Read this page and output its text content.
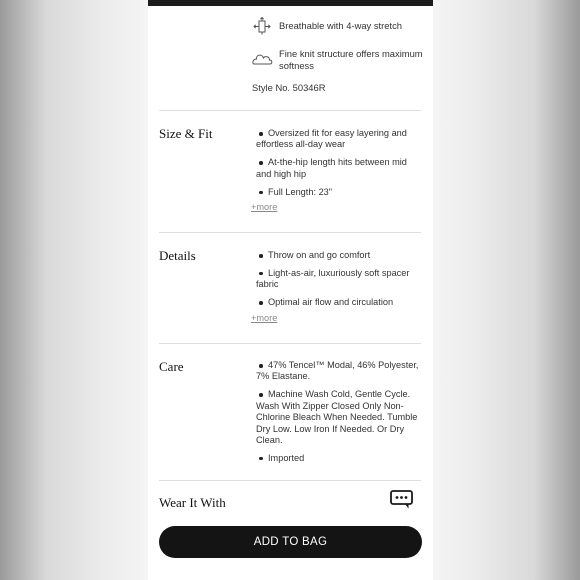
Breathable with 4-way stretch
Fine knit structure offers maximum softness
Style No. 50346R
Size & Fit	Oversized fit for easy layering and effortless all-day wear
At-the-hip length hits between mid and high hip
Full Length: 23"
+more
Details	Throw on and go comfort
Light-as-air, luxuriously soft spacer fabric
Optimal air flow and circulation
+more
Care	47% Tencel™ Modal, 46% Polyester, 7% Elastane.
Machine Wash Cold, Gentle Cycle. Wash With Zipper Closed Only Non-Chlorine Bleach When Needed. Tumble Dry Low. Low Iron If Needed. Or Dry Clean.
Imported
Wear It With
ADD TO BAG
